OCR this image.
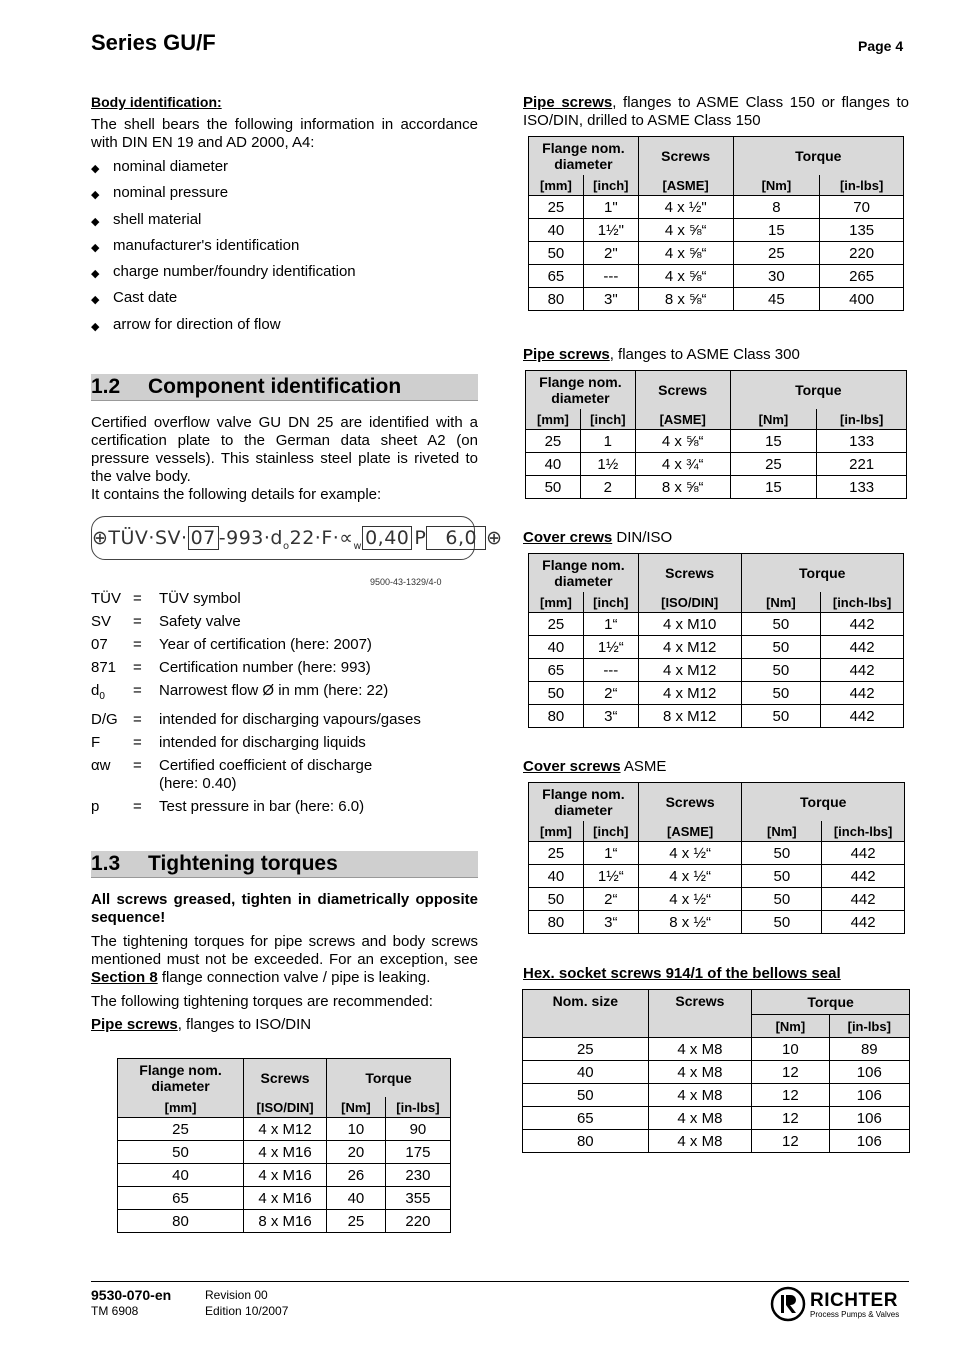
Series GU/F	Page 4
Body identification:

The shell bears the following information in accordance with DIN EN 19 and AD 2000, A4:

◆ nominal diameter
◆ nominal pressure
◆ shell material
◆ manufacturer's identification
◆ charge number/foundry identification
◆ Cast date
◆ arrow for direction of flow
1.2 Component identification

Certified overflow valve GU DN 25 are identified with a certification plate to the German data sheet A2 (on pressure vessels). This stainless steel plate is riveted to the valve body.

It contains the following details for example:

⊕TÜV·SV· 07 $-993\cdot d_o22\cdot F\cdot\propto_w$ 0,40 P 6,0 ⊕
9500-43-1329/4-0
TÜV =	TÜV symbol
SV	=	Safety valve
07	=	Year of certification (here: 2007)
871	=	Certification number (here: 993)
$d_0$	=	Narrowest flow Ø in mm (here: 22)
D/G	=	intended for discharging vapours/gases
F	=	intended for discharging liquids
αw	=	Certified coefficient of discharge
(here: 0.40)
p	=	Test pressure in bar (here: 6.0)
1.3 Tightening torques

All screws greased, tighten in diametrically opposite sequence!

The tightening torques for pipe screws and body screws mentioned must not be exceeded. For an exception, see Section 8 flange connection valve / pipe is leaking.

The following tightening torques are recommended:

Pipe screws, flanges to ISO/DIN

Flange nom. diameter	Screws	Torque	
[mm]	[ISO/DIN]	[Nm]	[in-lbs]
25	4 x M12	10	90
50	4 x M16	20	175
40	4 x M16	26	230
65	4 x M16	40	355
80	8 x M16	25	220

Pipe screws, flanges to ASME Class 150 or flanges to ISO/DIN, drilled to ASME Class 150

Flange nom. diameter		Screws	Torque	
[mm]	[inch]	[ASME]	[Nm]	[in-lbs]
25	1"	4 x ½"	8	70
40	1½"	4 x ⅝“	15	135
50	2"	4 x ⅝“	25	220
65	---	4 x ⅝“	30	265
80	3"	8 x ⅝“	45	400
Pipe screws, flanges to ASME Class 300
Flange nom. diameter		Screws	Torque	
[mm]	[inch]	[ASME]	[Nm]	[in-lbs]
25	1	4 x ⅝“	15	133
40	1½	4 x ¾“	25	221
50	2	8 x ⅝“	15	133
Cover crews DIN/ISO
Flange nom. diameter		Screws	Torque	
[mm]	[inch]	[ISO/DIN]	[Nm]	[inch-lbs]
25	1“	4 x M10	50	442
40	1½“	4 x M12	50	442
65	---	4 x M12	50	442
50	2“	4 x M12	50	442
80	3“	8 x M12	50	442
Cover screws ASME
Flange nom. diameter		Screws	Torque	
[mm]	[inch]	[ASME]	[Nm]	[inch-lbs]
25	1“	4 x ½“	50	442
40	1½“	4 x ½“	50	442
50	2“	4 x ½“	50	442
80	3“	8 x ½“	50	442
Hex. socket screws 914/1 of the bellows seal
Nom. size	Screws	Torque	
		[Nm]	[in-lbs]
25	4 x M8	10	89
40	4 x M8	12	106
50	4 x M8	12	106
65	4 x M8	12	106
80	4 x M8	12	106
9530-070-en
TM 6908
Revision 00
Edition 10/2007	RICHTER
Process Pumps & Valves
